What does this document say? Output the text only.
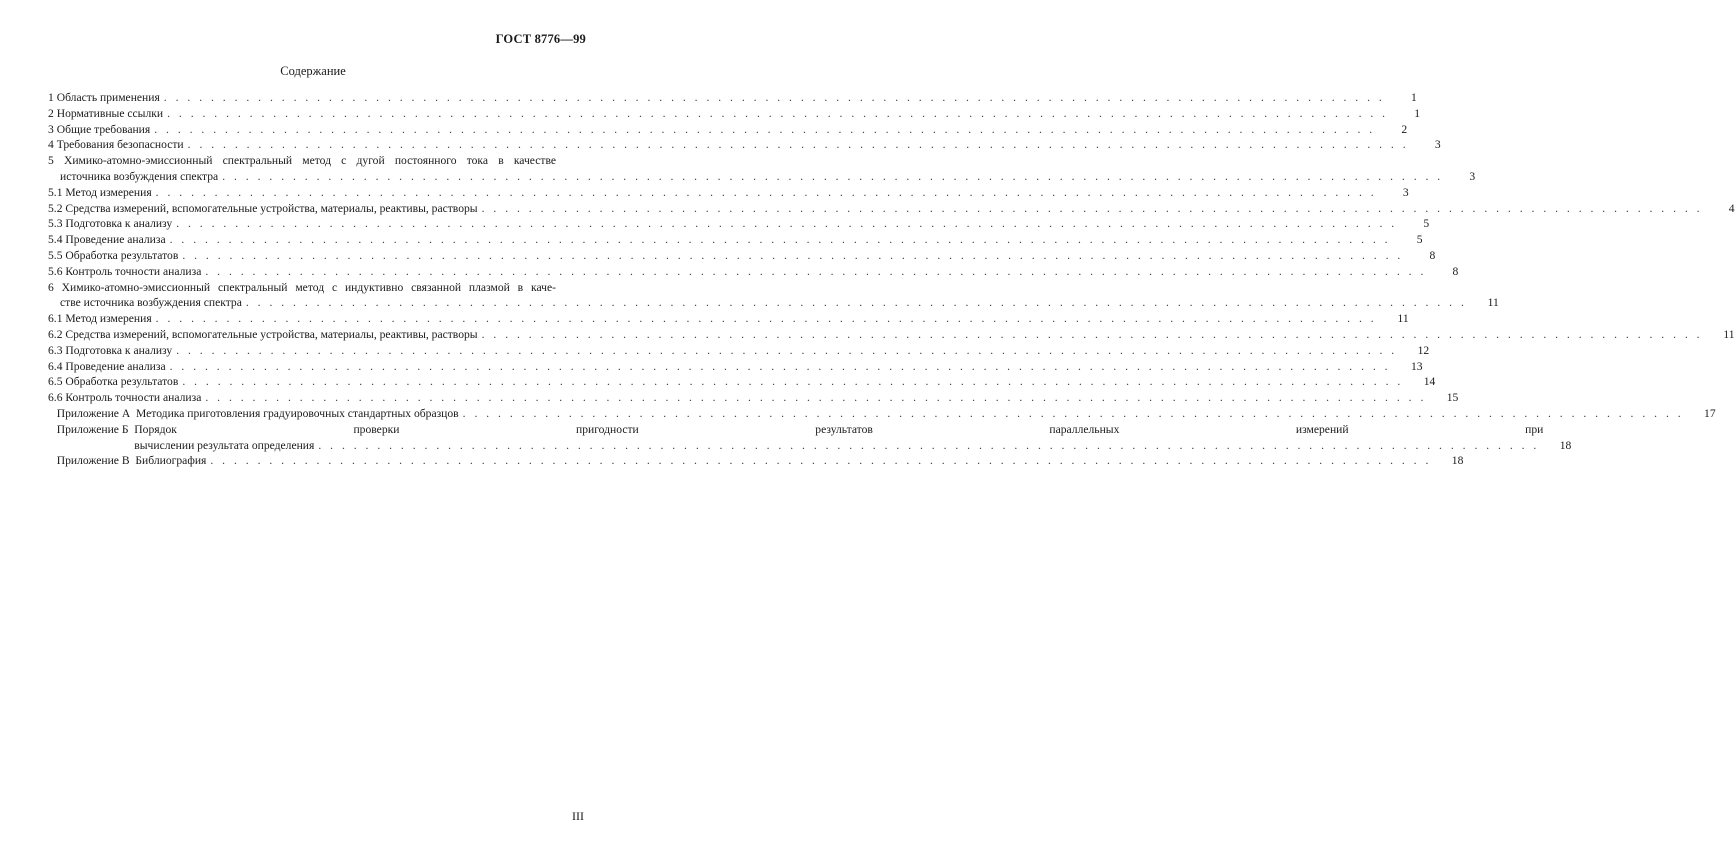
ГОСТ 8776—99
Содержание
1 Область применения . . .	1
2 Нормативные ссылки . . .	1
3 Общие требования . . .	2
4 Требования безопасности . . .	3
5 Химико-атомно-эмиссионный спектральный метод с дугой постоянного тока в качестве
источника возбуждения спектра . . .	3
5.1 Метод измерения . . .	3
5.2 Средства измерений, вспомогательные устройства, материалы, реактивы, растворы . . .	4
5.3 Подготовка к анализу . . .	5
5.4 Проведение анализа . . .	5
5.5 Обработка результатов . . .	8
5.6 Контроль точности анализа . . .	8
6 Химико-атомно-эмиссионный спектральный метод с индуктивно связанной плазмой в каче-
стве источника возбуждения спектра . . .	11
6.1 Метод измерения . . .	11
6.2 Средства измерений, вспомогательные устройства, материалы, реактивы, растворы . . .	11
6.3 Подготовка к анализу . . .	12
6.4 Проведение анализа . . .	13
6.5 Обработка результатов . . .	14
6.6 Контроль точности анализа . . .	15
Приложение А Методика приготовления градуировочных стандартных образцов . . .	17
Приложение Б Порядок проверки пригодности результатов параллельных измерений при
вычислении результата определения . . .	18
Приложение В Библиография . . .	18
III
